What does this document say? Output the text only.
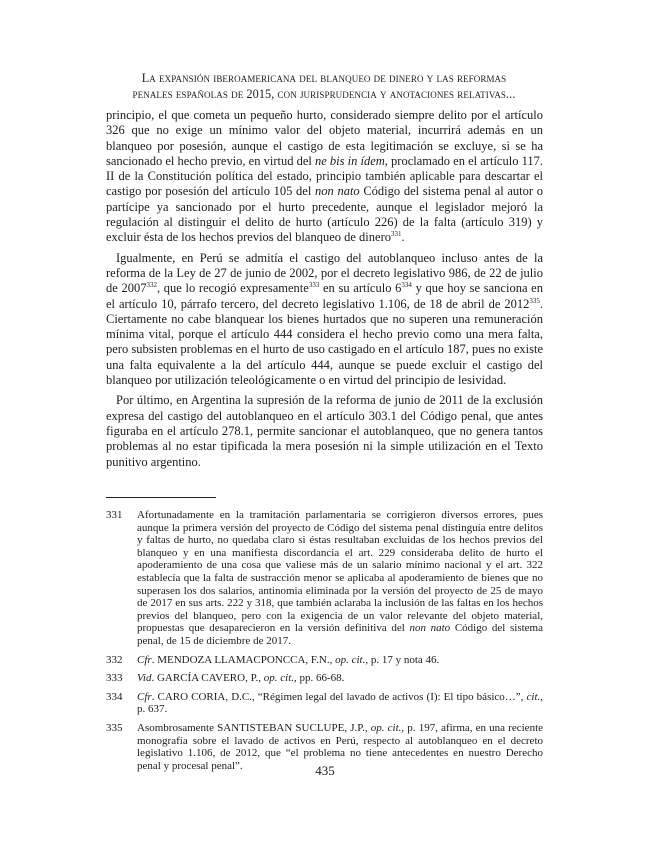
La expansión iberoamericana del blanqueo de dinero y las reformas
penales españolas de 2015, con jurisprudencia y anotaciones relativas...

principio, el que cometa un pequeño hurto, considerado siempre delito por el artículo 326 que no exige un mínimo valor del objeto material, incurrirá además en un blanqueo por posesión, aunque el castigo de esta legitimación se excluye, si se ha sancionado el hecho previo, en virtud del ne bis in ídem, proclamado en el artículo 117. II de la Constitución política del estado, principio también aplicable para descartar el castigo por posesión del artículo 105 del non nato Código del sistema penal al autor o partícipe ya sancionado por el hurto precedente, aunque el legislador mejoró la regulación al distinguir el delito de hurto (artículo 226) de la falta (artículo 319) y excluir ésta de los hechos previos del blanqueo de dinero$^{331}$.

Igualmente, en Perú se admitía el castigo del autoblanqueo incluso antes de la reforma de la Ley de 27 de junio de 2002, por el decreto legislativo 986, de 22 de julio de 2007$^{332}$, que lo recogió expresamente$^{333}$ en su artículo $6^{334}$ y que hoy se sanciona en el artículo 10, párrafo tercero, del decreto legislativo 1.106, de 18 de abril de 2012$^{335}$. Ciertamente no cabe blanquear los bienes hurtados que no superen una remuneración mínima vital, porque el artículo 444 considera el hecho previo como una mera falta, pero subsisten problemas en el hurto de uso castigado en el artículo 187, pues no existe una falta equivalente a la del artículo 444, aunque se puede excluir el castigo del blanqueo por utilización teleológicamente o en virtud del principio de lesividad.

Por último, en Argentina la supresión de la reforma de junio de 2011 de la exclusión expresa del castigo del autoblanqueo en el artículo 303.1 del Código penal, que antes figuraba en el artículo 278.1, permite sancionar el autoblanqueo, que no genera tantos problemas al no estar tipificada la mera posesión ni la simple utilización en el Texto punitivo argentino.

331	Afortunadamente en la tramitación parlamentaria se corrigieron diversos errores, pues aunque la primera versión del proyecto de Código del sistema penal distinguía entre delitos y faltas de hurto, no quedaba claro si éstas resultaban excluidas de los hechos previos del blanqueo y en una manifiesta discordancia el art. 229 consideraba delito de hurto el apoderamiento de una cosa que valiese más de un salario mínimo nacional y el art. 322 establecía que la falta de sustracción menor se aplicaba al apoderamiento de bienes que no superasen los dos salarios, antinomia eliminada por la versión del proyecto de 25 de mayo de 2017 en sus arts. 222 y 318, que también aclaraba la inclusión de las faltas en los hechos previos del blanqueo, pero con la exigencia de un valor relevante del objeto material, propuestas que desaparecieron en la versión definitiva del non nato Código del sistema penal, de 15 de diciembre de 2017.
332	Cfr. MENDOZA LLAMACPONCCA, F.N., op. cit., p. 17 y nota 46.
333	Vid. GARCÍA CAVERO, P., op. cit., pp. 66-68.
334	Cfr. CARO CORIA, D.C., “Régimen legal del lavado de activos (I): El tipo básico…”, cit., p. 637.
335	Asombrosamente SANTISTEBAN SUCLUPE, J.P., op. cit., p. 197, afirma, en una reciente monografía sobre el lavado de activos en Perú, respecto al autoblanqueo en el decreto legislativo 1.106, de 2012, que “el problema no tiene antecedentes en nuestro Derecho penal y procesal penal”.	435
